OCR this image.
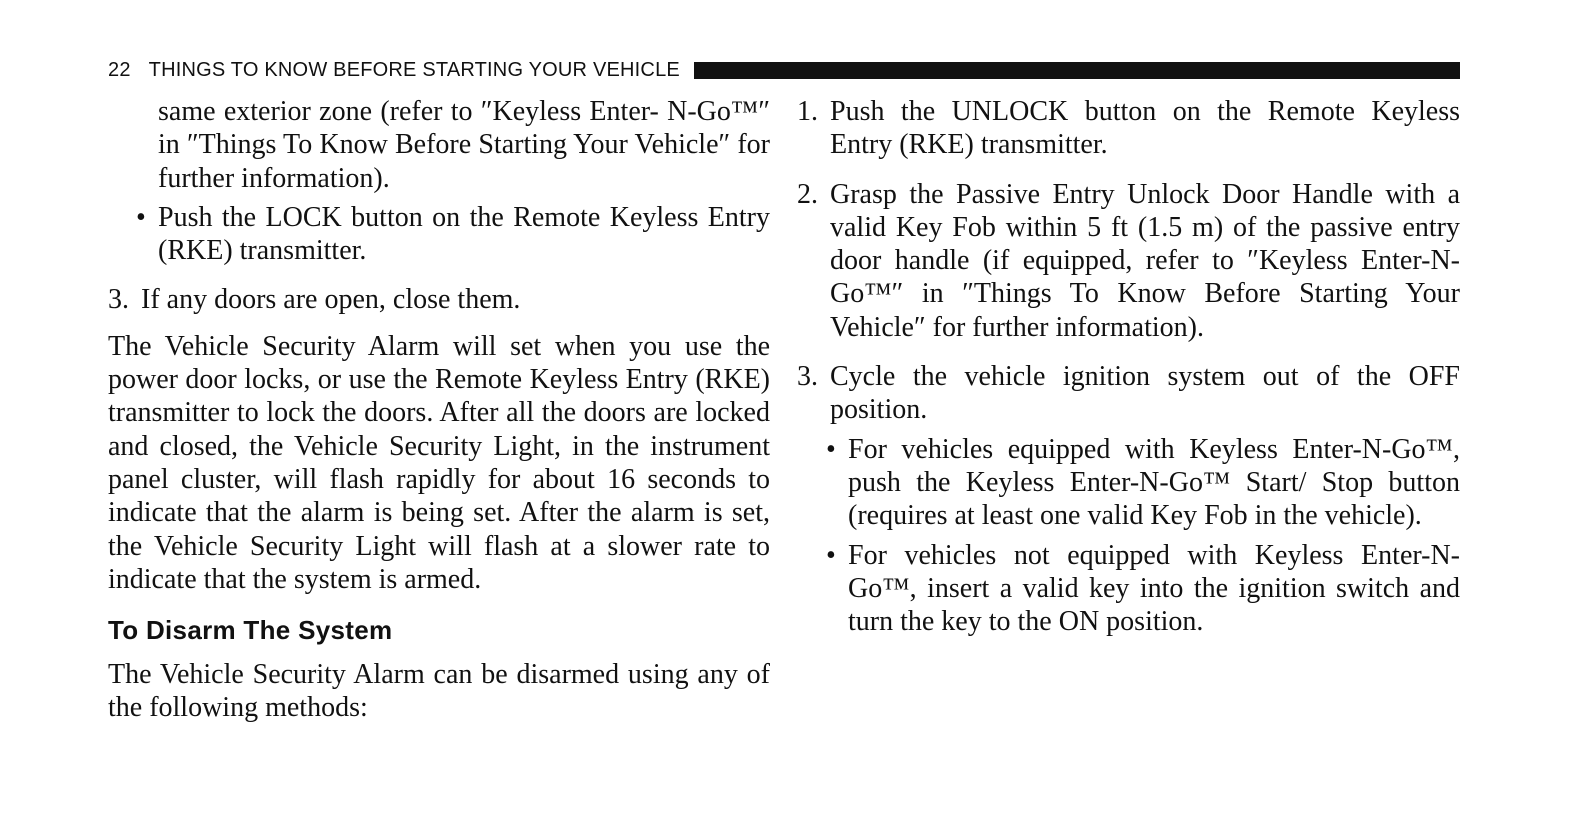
22 THINGS TO KNOW BEFORE STARTING YOUR VEHICLE

same exterior zone (refer to ″Keyless Enter- N-Go™″ in ″Things To Know Before Starting Your Vehicle″ for further information).

• Push the LOCK button on the Remote Keyless Entry (RKE) transmitter.
3. If any doors are open, close them.

The Vehicle Security Alarm will set when you use the power door locks, or use the Remote Keyless Entry (RKE) transmitter to lock the doors. After all the doors are locked and closed, the Vehicle Security Light, in the instrument panel cluster, will flash rapidly for about 16 seconds to indicate that the alarm is being set. After the alarm is set, the Vehicle Security Light will flash at a slower rate to indicate that the system is armed.

To Disarm The System

The Vehicle Security Alarm can be disarmed using any of the following methods:

1. Push the UNLOCK button on the Remote Keyless Entry (RKE) transmitter.
2. Grasp the Passive Entry Unlock Door Handle with a valid Key Fob within 5 ft (1.5 m) of the passive entry door handle (if equipped, refer to ″Keyless Enter-N-Go™″ in ″Things To Know Before Starting Your Vehicle″ for further information).
3. Cycle the vehicle ignition system out of the OFF position.
• For vehicles equipped with Keyless Enter-N-Go™, push the Keyless Enter-N-Go™ Start/ Stop button (requires at least one valid Key Fob in the vehicle).
• For vehicles not equipped with Keyless Enter-N-Go™, insert a valid key into the ignition switch and turn the key to the ON position.
